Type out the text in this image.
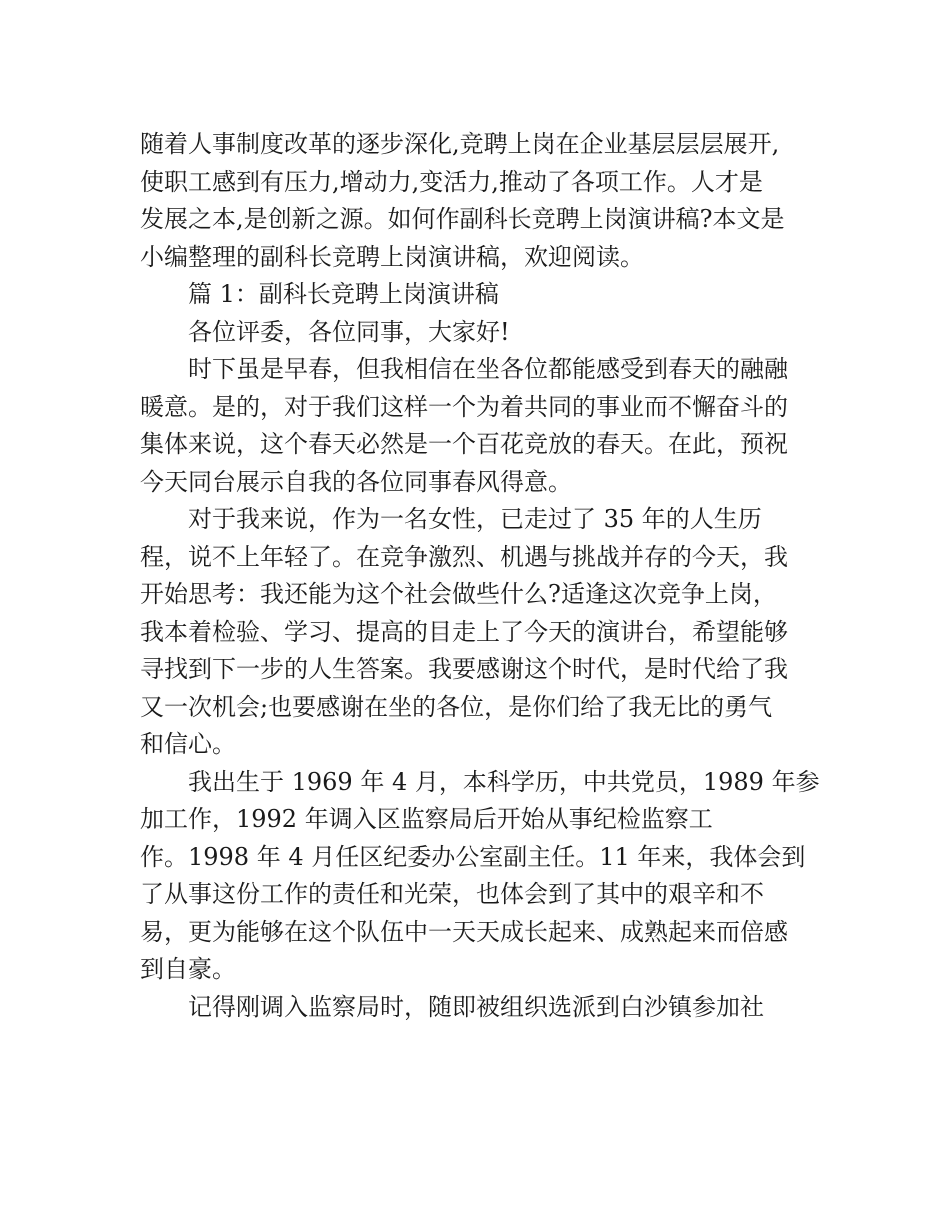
随着人事制度改革的逐步深化,竞聘上岗在企业基层层层展开,
使职工感到有压力,增动力,变活力,推动了各项工作。人才是
发展之本,是创新之源。如何作副科长竞聘上岗演讲稿?本文是
小编整理的副科长竞聘上岗演讲稿，欢迎阅读。
篇 1：副科长竞聘上岗演讲稿
各位评委，各位同事，大家好!
时下虽是早春，但我相信在坐各位都能感受到春天的融融
暖意。是的，对于我们这样一个为着共同的事业而不懈奋斗的
集体来说，这个春天必然是一个百花竞放的春天。在此，预祝
今天同台展示自我的各位同事春风得意。
对于我来说，作为一名女性，已走过了 35 年的人生历
程，说不上年轻了。在竞争激烈、机遇与挑战并存的今天，我
开始思考：我还能为这个社会做些什么?适逢这次竞争上岗，
我本着检验、学习、提高的目走上了今天的演讲台，希望能够
寻找到下一步的人生答案。我要感谢这个时代，是时代给了我
又一次机会;也要感谢在坐的各位，是你们给了我无比的勇气
和信心。
我出生于 1969 年 4 月，本科学历，中共党员，1989 年参
加工作，1992 年调入区监察局后开始从事纪检监察工
作。1998 年 4 月任区纪委办公室副主任。11 年来，我体会到
了从事这份工作的责任和光荣，也体会到了其中的艰辛和不
易，更为能够在这个队伍中一天天成长起来、成熟起来而倍感
到自豪。
记得刚调入监察局时，随即被组织选派到白沙镇参加社
